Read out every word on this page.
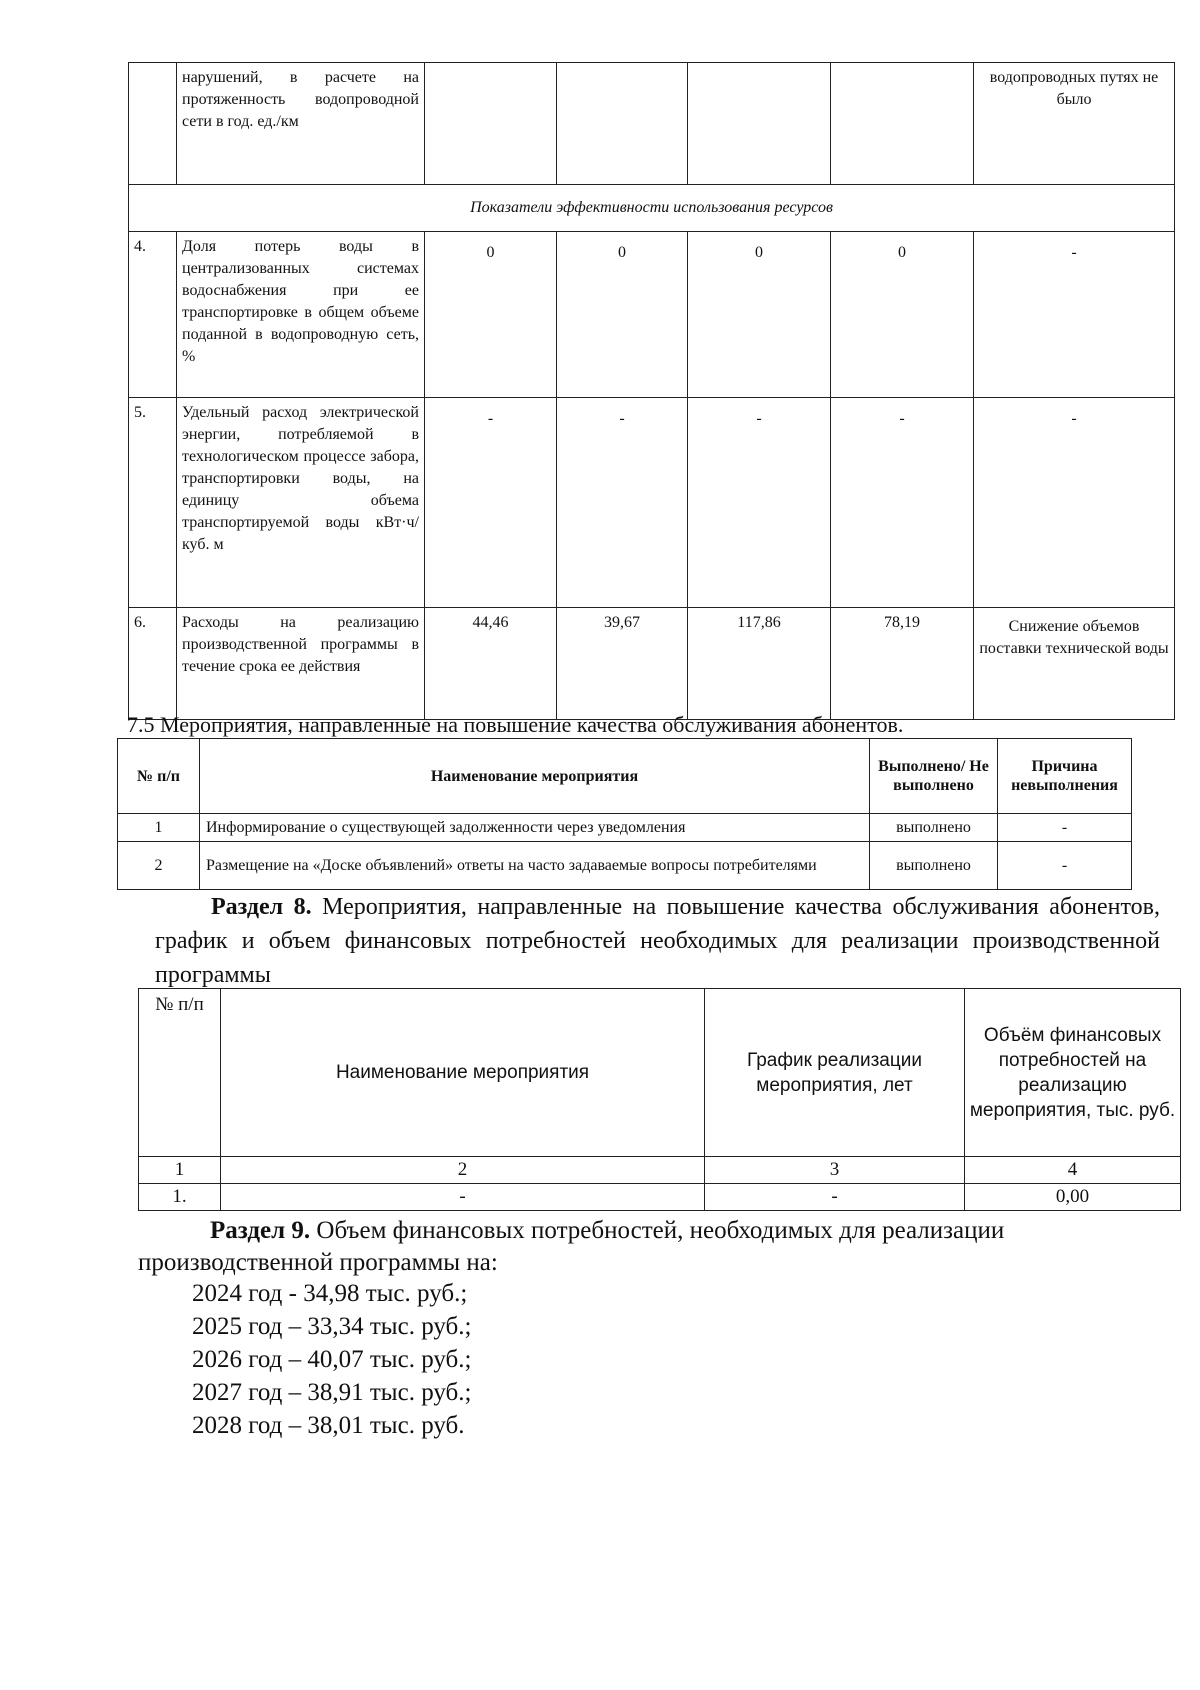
	нарушений, в расчете на протяженность водопроводной сети в год. ед./км					водопроводных путях не было
Показатели эффективности использования ресурсов						
4.	Доля потерь воды в централизованных системах водоснабжения при ее транспортировке в общем объеме поданной в водопроводную сеть, %	0	0	0	0	-
5.	Удельный расход электрической энергии, потребляемой в технологическом процессе забора, транспортировки воды, на единицу объема транспортируемой воды кВт·ч/куб. м	-	-	-	-	-
6.	Расходы на реализацию производственной программы в течение срока ее действия	44,46	39,67	117,86	78,19	Снижение объемов поставки технической воды
7.5 Мероприятия, направленные на повышение качества обслуживания абонентов.
№ п/п	Наименование мероприятия	Выполнено/ Не выполнено	Причина невыполнения
1	Информирование о существующей задолженности через уведомления	выполнено	-
2	Размещение на «Доске объявлений» ответы на часто задаваемые вопросы потребителями	выполнено	-
Раздел 8. Мероприятия, направленные на повышение качества обслуживания абонентов, график и объем финансовых потребностей необходимых для реализации производственной программы
№ п/п	Наименование мероприятия	График реализации мероприятия, лет	Объём финансовых потребностей на реализацию мероприятия, тыс. руб.
1	2	3	4
1.	-	-	0,00
Раздел 9. Объем финансовых потребностей, необходимых для реализации
производственной программы на:
2024 год - 34,98 тыс. руб.;
2025 год – 33,34 тыс. руб.;
2026 год – 40,07 тыс. руб.;
2027 год – 38,91 тыс. руб.;
2028 год – 38,01 тыс. руб.
